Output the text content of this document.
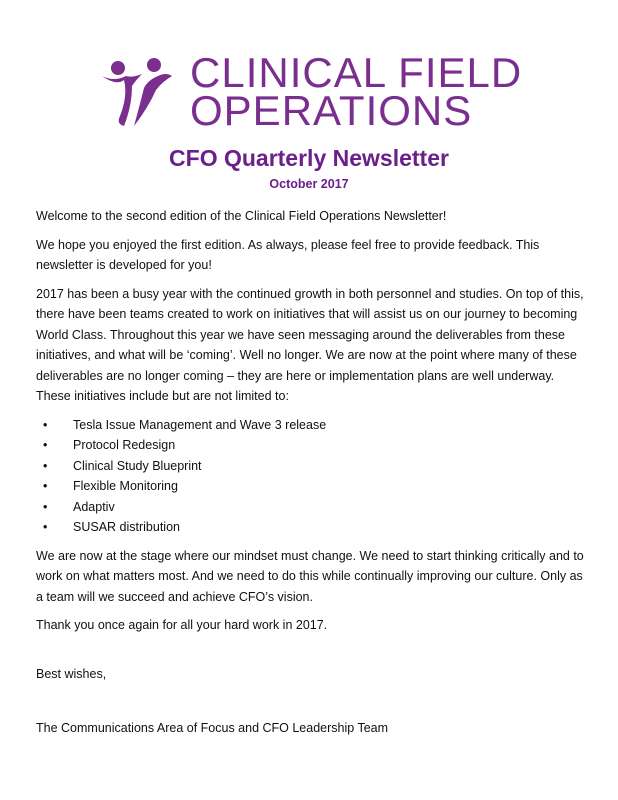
CLINICAL FIELD
OPERATIONS
CFO Quarterly Newsletter
October 2017

Welcome to the second edition of the Clinical Field Operations Newsletter!

We hope you enjoyed the first edition. As always, please feel free to provide feedback. This newsletter is developed for you!

2017 has been a busy year with the continued growth in both personnel and studies. On top of this, there have been teams created to work on initiatives that will assist us on our journey to becoming World Class. Throughout this year we have seen messaging around the deliverables from these initiatives, and what will be ‘coming’. Well no longer. We are now at the point where many of these deliverables are no longer coming – they are here or implementation plans are well underway. These initiatives include but are not limited to:

• Tesla Issue Management and Wave 3 release
• Protocol Redesign
• Clinical Study Blueprint
• Flexible Monitoring
• Adaptiv
• SUSAR distribution

We are now at the stage where our mindset must change. We need to start thinking critically and to work on what matters most. And we need to do this while continually improving our culture. Only as a team will we succeed and achieve CFO’s vision.

Thank you once again for all your hard work in 2017.

Best wishes,

The Communications Area of Focus and CFO Leadership Team
